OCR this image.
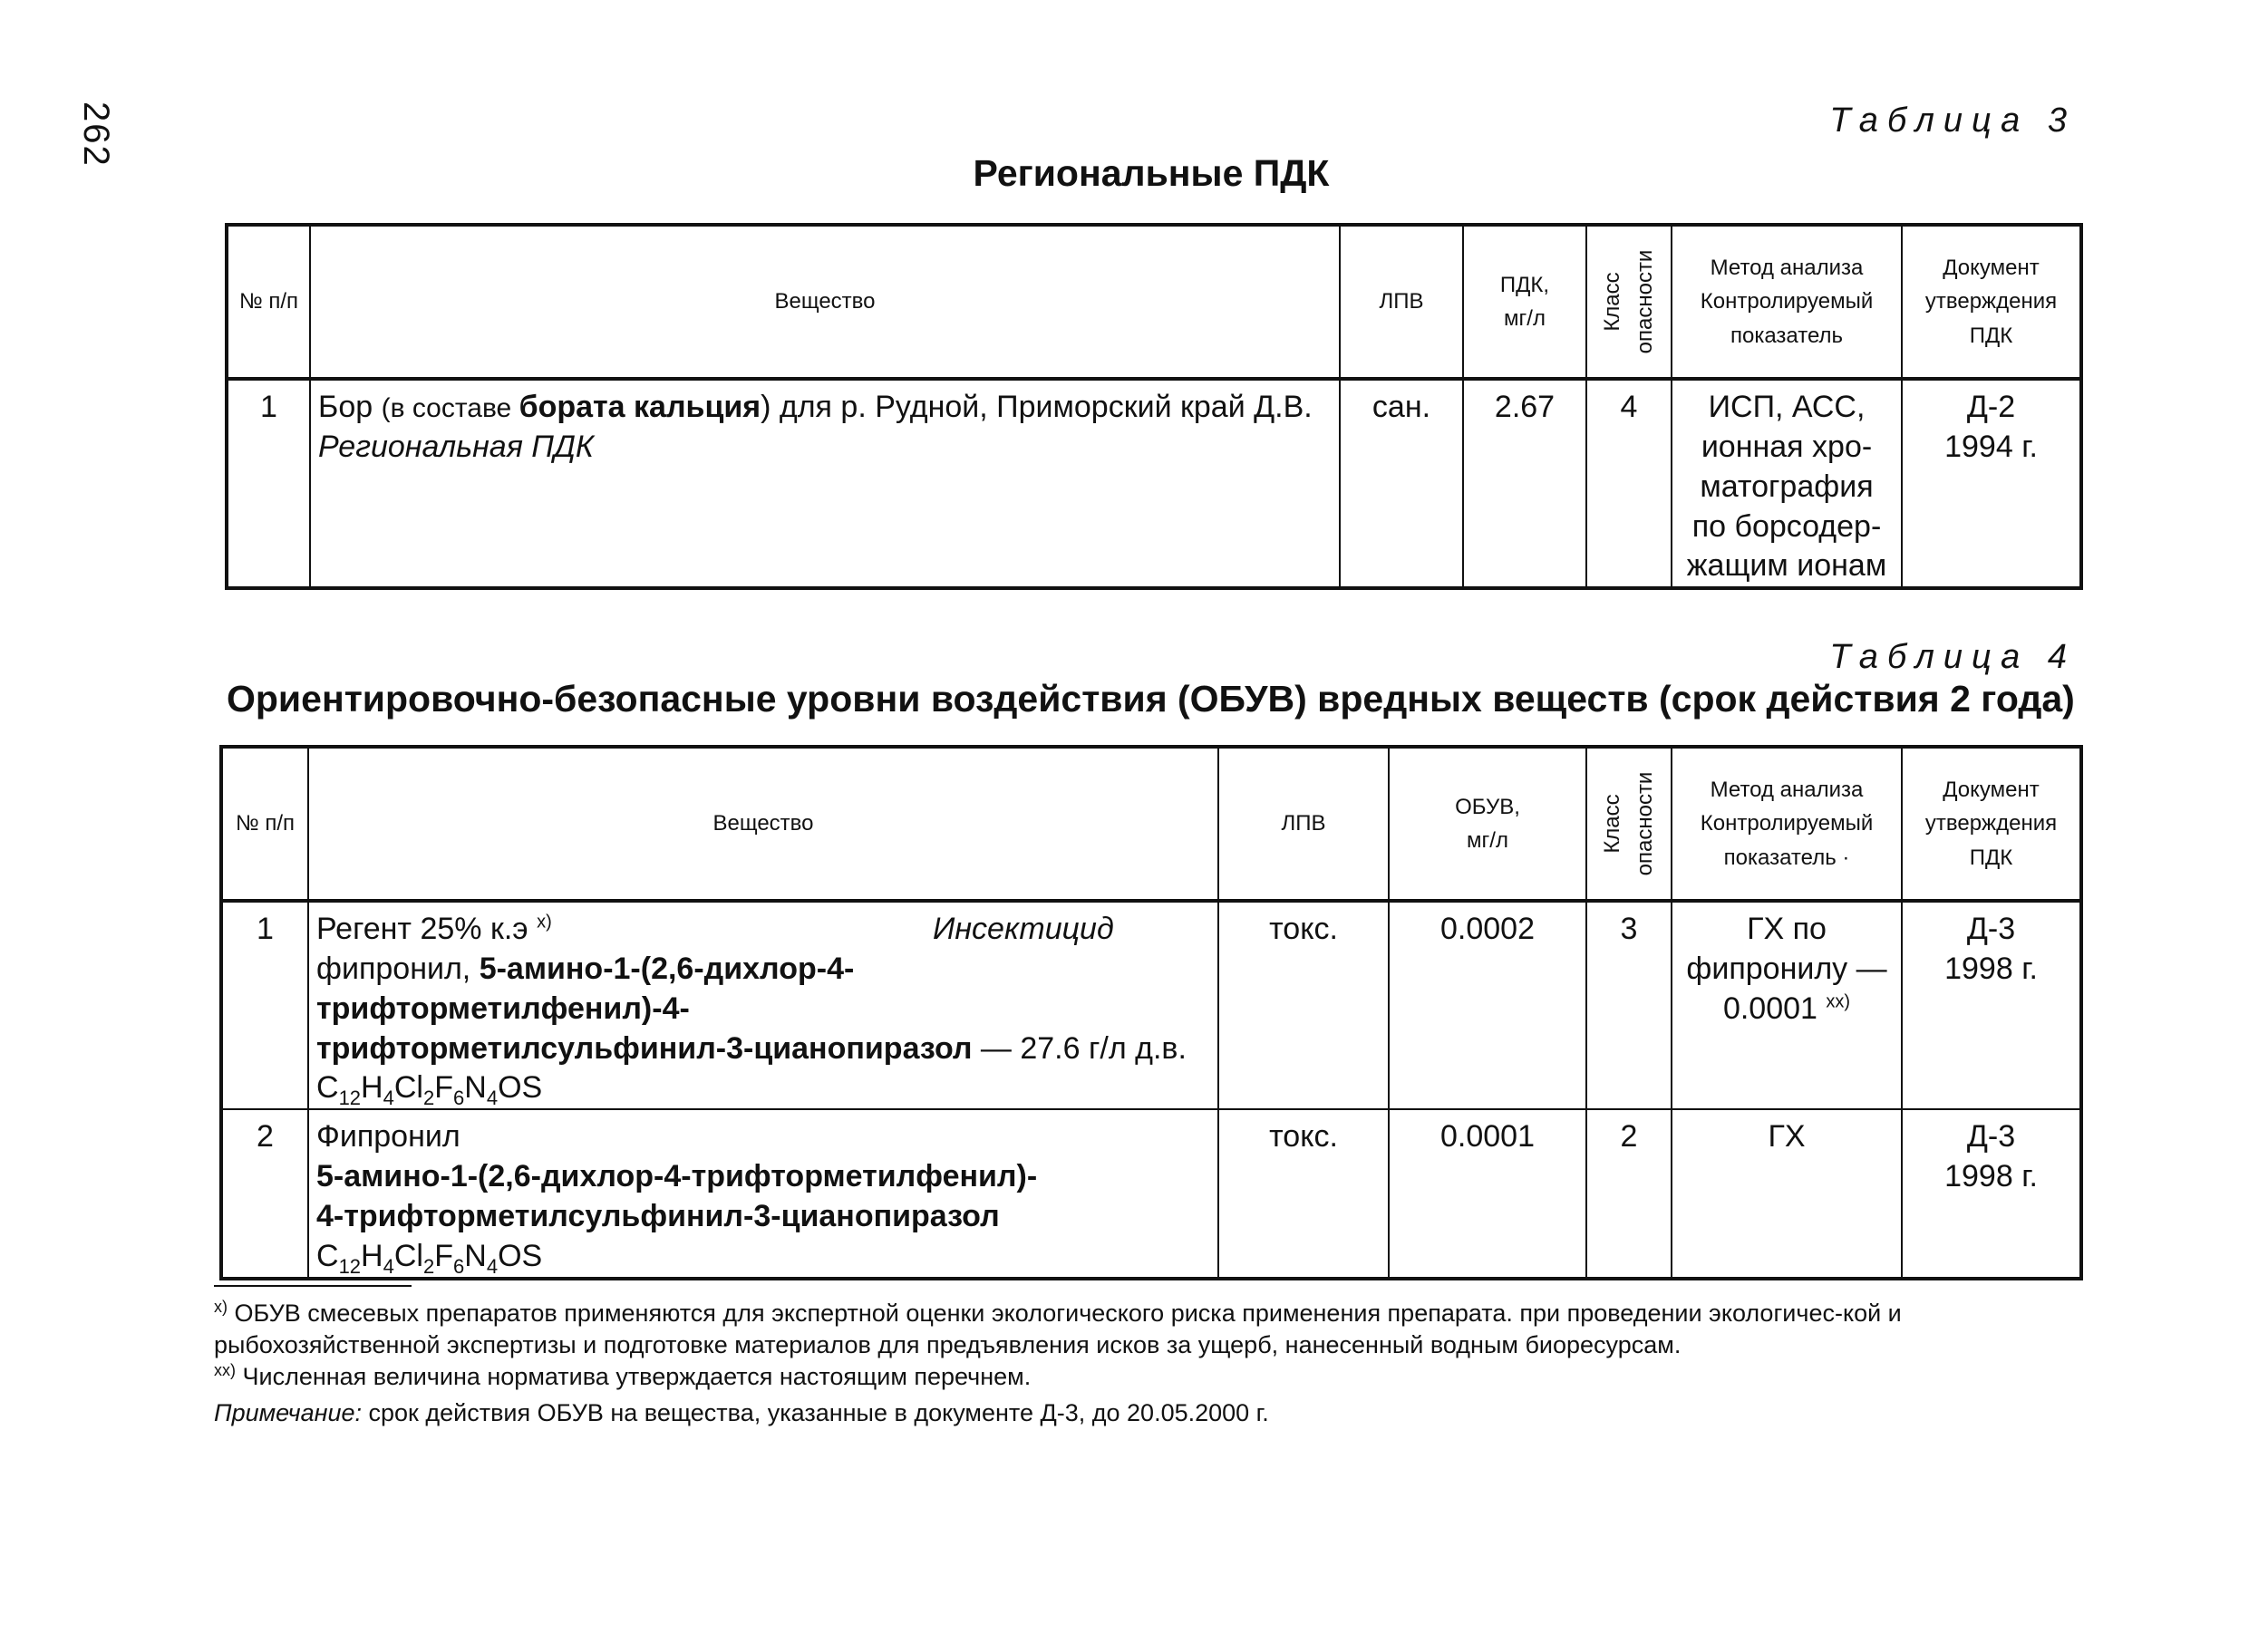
262	Таблица 3
Региональные ПДК
№ п/п	Вещество	ЛПВ	ПДК,
мг/л	Класс опасности	Метод анализа
Контролируемый
показатель	Документ
утверждения
ПДК

1	Бор (в составе бората кальция) для р. Рудной, Приморский край Д.В.
Региональная ПДК	сан.	2.67	4	ИСП, АСС,
ионная хро-
матография
по борсодер-
жащим ионам	Д-2
1994 г.
Таблица 4
Ориентировочно-безопасные уровни воздействия (ОБУВ) вредных веществ (срок действия 2 года)
№ п/п	Вещество	ЛПВ	ОБУВ,
мг/л	Класс опасности	Метод анализа
Контролируемый
показатель ·	Документ
утверждения
ПДК

1	Регент 25% к.э $^{x)}$ Инсектицид
фипронил, 5-амино-1-(2,6-дихлор-4-трифторметилфенил)-4-
трифторметилсульфинил-3-цианопиразол — 27.6 г/л д.в.
$C_{12}H_4Cl_2F_6N_4OS$	токс.	0.0002	3	ГХ по
фипронилу —
0.0001 $^{xx)}$	Д-3
1998 г.

2	Фипронил
5-амино-1-(2,6-дихлор-4-трифторметилфенил)-
4-трифторметилсульфинил-3-цианопиразол
$C_{12}H_4Cl_2F_6N_4OS$	токс.	0.0001	2	ГХ	Д-3
1998 г.
$^{x)}$ ОБУВ смесевых препаратов применяются для экспертной оценки экологического риска применения препарата. при проведении экологичес-кой и рыбохозяйственной экспертизы и подготовке материалов для предъявления исков за ущерб, нанесенный водным биоресурсам.
$^{xx)}$ Численная величина норматива утверждается настоящим перечнем.
Примечание: срок действия ОБУВ на вещества, указанные в документе Д-3, до 20.05.2000 г.
